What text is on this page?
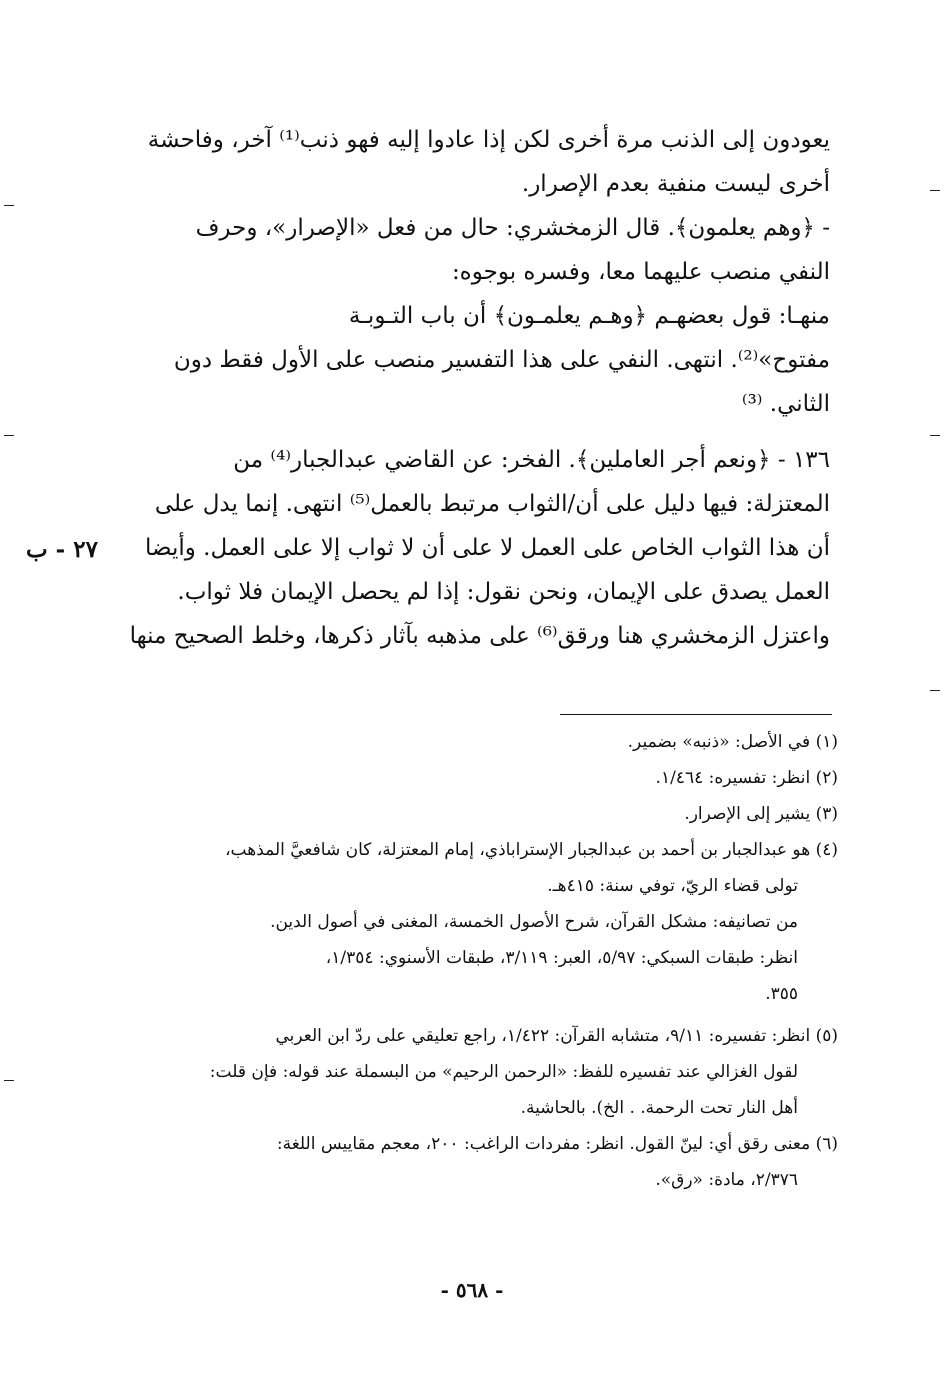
يعودون إلى الذنب مرة أخرى لكن إذا عادوا إليه فهو ذنب⁽¹⁾ آخر، وفاحشة
أخرى ليست منفية بعدم الإصرار.
- ﴿وهم يعلمون﴾. قال الزمخشري: حال من فعل «الإصرار»، وحرف
النفي منصب عليهما معا، وفسره بوجوه:
منهـا: قول بعضهـم ﴿وهـم يعلمـون﴾ أن باب التـوبـة
مفتوح»⁽²⁾. انتهى. النفي على هذا التفسير منصب على الأول فقط دون
الثاني. ⁽³⁾
١٣٦ - ﴿ونعم أجر العاملين﴾. الفخر: عن القاضي عبدالجبار⁽⁴⁾ من
المعتزلة: فيها دليل على أن/الثواب مرتبط بالعمل⁽⁵⁾ انتهى. إنما يدل على
أن هذا الثواب الخاص على العمل لا على أن لا ثواب إلا على العمل. وأيضا
العمل يصدق على الإيمان، ونحن نقول: إذا لم يحصل الإيمان فلا ثواب.
واعتزل الزمخشري هنا ورقق⁽⁶⁾ على مذهبه بآثار ذكرها، وخلط الصحيح منها
٢٧ - ب
(١) في الأصل: «ذنبه» بضمير.
(٢) انظر: تفسيره: ١/٤٦٤.
(٣) يشير إلى الإصرار.
(٤) هو عبدالجبار بن أحمد بن عبدالجبار الإستراباذي، إمام المعتزلة، كان شافعيَّ المذهب،
تولى قضاء الريّ، توفي سنة: ٤١٥هـ.
من تصانيفه: مشكل القرآن، شرح الأصول الخمسة، المغنى في أصول الدين.
انظر: طبقات السبكي: ٥/٩٧، العبر: ٣/١١٩، طبقات الأسنوي: ١/٣٥٤،
٣٥٥.
(٥) انظر: تفسيره: ٩/١١، متشابه القرآن: ١/٤٢٢، راجع تعليقي على ردّ ابن العربي
لقول الغزالي عند تفسيره للفظ: «الرحمن الرحيم» من البسملة عند قوله: فإن قلت:
أهل النار تحت الرحمة. . الخ). بالحاشية.
(٦) معنى رقق أي: لينّ القول. انظر: مفردات الراغب: ٢٠٠، معجم مقاييس اللغة:
٢/٣٧٦، مادة: «رق».
- ٥٦٨ -
